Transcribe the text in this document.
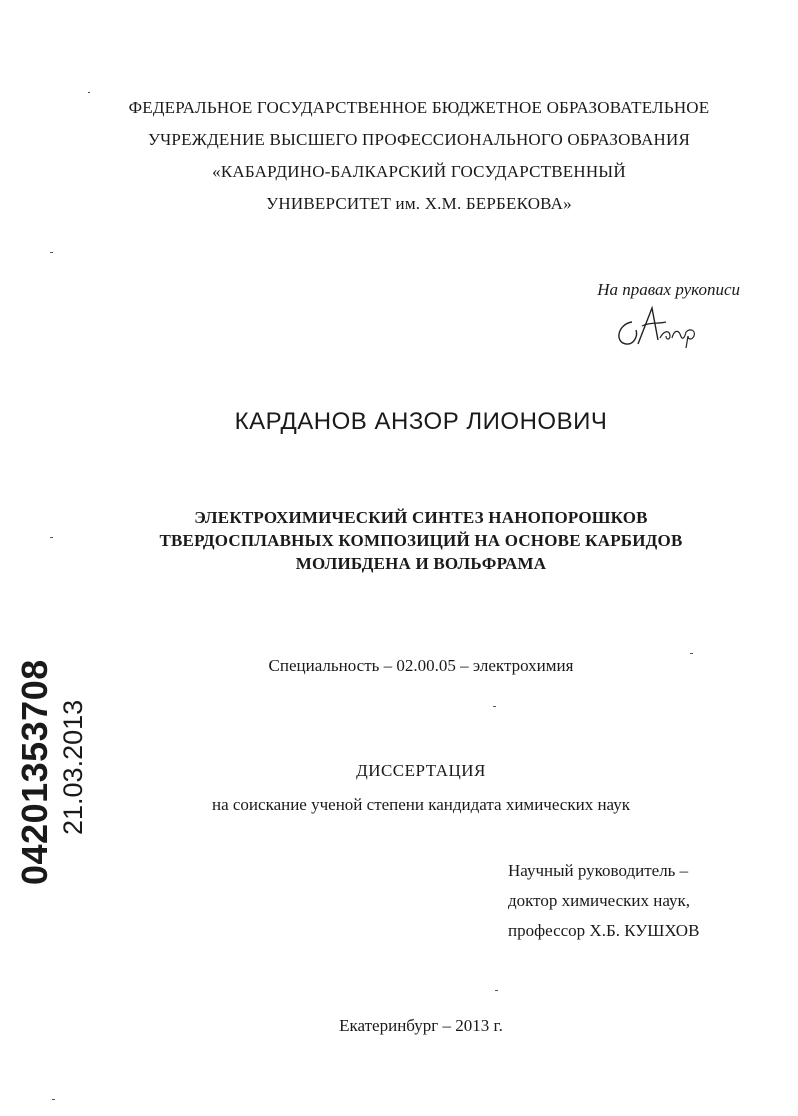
ФЕДЕРАЛЬНОЕ ГОСУДАРСТВЕННОЕ БЮДЖЕТНОЕ ОБРАЗОВАТЕЛЬНОЕ
УЧРЕЖДЕНИЕ ВЫСШЕГО ПРОФЕССИОНАЛЬНОГО ОБРАЗОВАНИЯ
«КАБАРДИНО-БАЛКАРСКИЙ ГОСУДАРСТВЕННЫЙ
УНИВЕРСИТЕТ им. Х.М. БЕРБЕКОВА»
На правах рукописи
КАРДАНОВ АНЗОР ЛИОНОВИЧ
ЭЛЕКТРОХИМИЧЕСКИЙ СИНТЕЗ НАНОПОРОШКОВ
ТВЕРДОСПЛАВНЫХ КОМПОЗИЦИЙ НА ОСНОВЕ КАРБИДОВ
МОЛИБДЕНА И ВОЛЬФРАМА
Специальность – 02.00.05 – электрохимия
ДИССЕРТАЦИЯ
на соискание ученой степени кандидата химических наук
Научный руководитель –
доктор химических наук,
профессор Х.Б. КУШХОВ
Екатеринбург – 2013 г.
04201353708 21.03.2013
